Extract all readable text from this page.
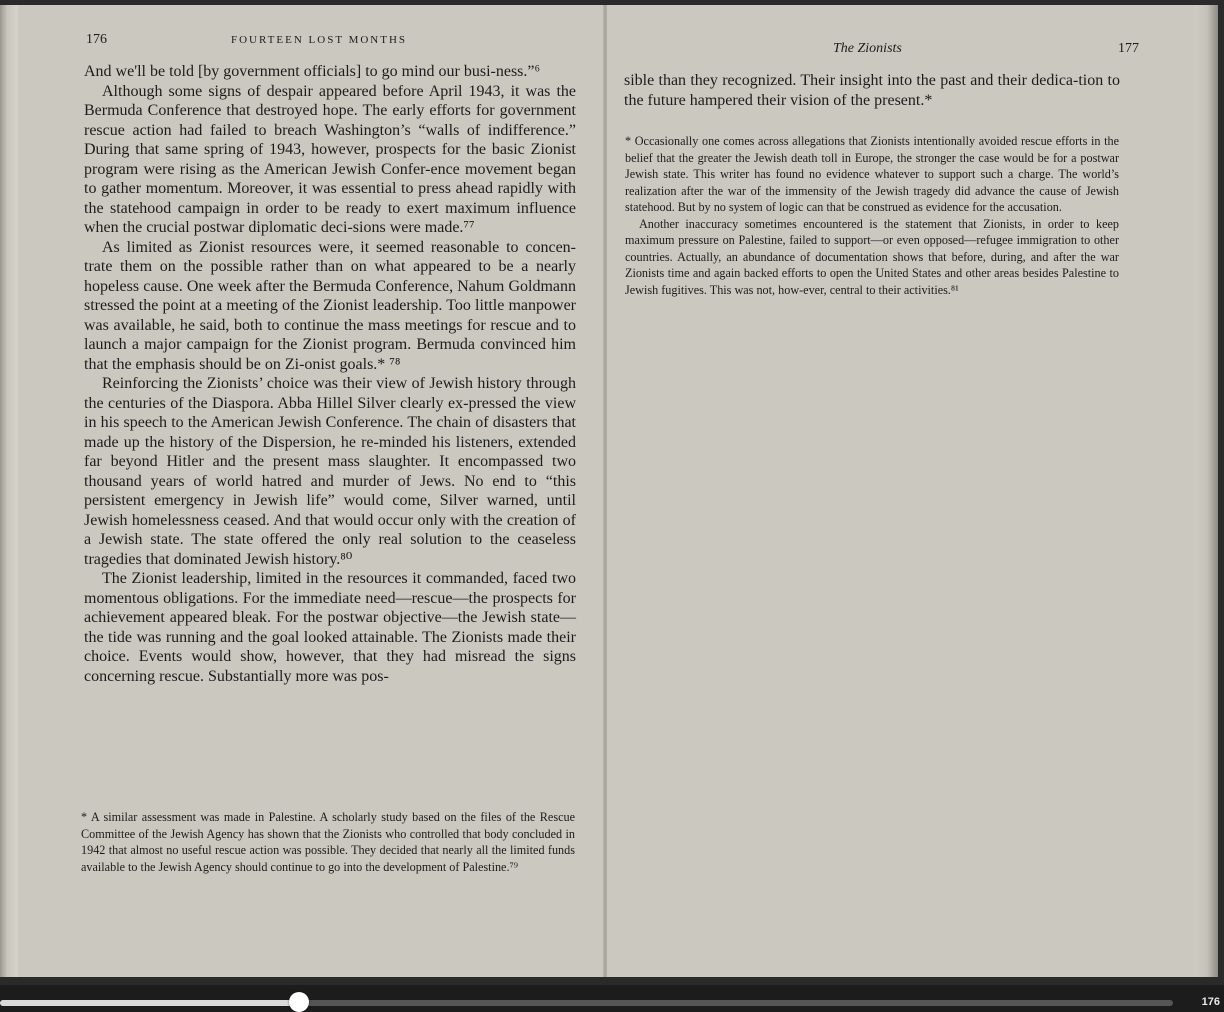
176	FOURTEEN LOST MONTHS

And we'll be told [by government officials] to go mind our busi-ness.”⁶

Although some signs of despair appeared before April 1943, it was the Bermuda Conference that destroyed hope. The early efforts for government rescue action had failed to breach Washington’s “walls of indifference.” During that same spring of 1943, however, prospects for the basic Zionist program were rising as the American Jewish Confer-ence movement began to gather momentum. Moreover, it was essential to press ahead rapidly with the statehood campaign in order to be ready to exert maximum influence when the crucial postwar diplomatic deci-sions were made.⁷⁷

As limited as Zionist resources were, it seemed reasonable to concen-trate them on the possible rather than on what appeared to be a nearly hopeless cause. One week after the Bermuda Conference, Nahum Goldmann stressed the point at a meeting of the Zionist leadership. Too little manpower was available, he said, both to continue the mass meetings for rescue and to launch a major campaign for the Zionist program. Bermuda convinced him that the emphasis should be on Zi-onist goals.* ⁷⁸

Reinforcing the Zionists’ choice was their view of Jewish history through the centuries of the Diaspora. Abba Hillel Silver clearly ex-pressed the view in his speech to the American Jewish Conference. The chain of disasters that made up the history of the Dispersion, he re-minded his listeners, extended far beyond Hitler and the present mass slaughter. It encompassed two thousand years of world hatred and murder of Jews. No end to “this persistent emergency in Jewish life” would come, Silver warned, until Jewish homelessness ceased. And that would occur only with the creation of a Jewish state. The state offered the only real solution to the ceaseless tragedies that dominated Jewish history.⁸⁰

The Zionist leadership, limited in the resources it commanded, faced two momentous obligations. For the immediate need—rescue—the prospects for achievement appeared bleak. For the postwar objective—the Jewish state—the tide was running and the goal looked attainable. The Zionists made their choice. Events would show, however, that they had misread the signs concerning rescue. Substantially more was pos-

* A similar assessment was made in Palestine. A scholarly study based on the files of the Rescue Committee of the Jewish Agency has shown that the Zionists who controlled that body concluded in 1942 that almost no useful rescue action was possible. They decided that nearly all the limited funds available to the Jewish Agency should continue to go into the development of Palestine.⁷⁹

The Zionists	177

sible than they recognized. Their insight into the past and their dedica-tion to the future hampered their vision of the present.*

* Occasionally one comes across allegations that Zionists intentionally avoided rescue efforts in the belief that the greater the Jewish death toll in Europe, the stronger the case would be for a postwar Jewish state. This writer has found no evidence whatever to support such a charge. The world’s realization after the war of the immensity of the Jewish tragedy did advance the cause of Jewish statehood. But by no system of logic can that be construed as evidence for the accusation.

Another inaccuracy sometimes encountered is the statement that Zionists, in order to keep maximum pressure on Palestine, failed to support—or even opposed—refugee immigration to other countries. Actually, an abundance of documentation shows that before, during, and after the war Zionists time and again backed efforts to open the United States and other areas besides Palestine to Jewish fugitives. This was not, how-ever, central to their activities.⁸¹

176
